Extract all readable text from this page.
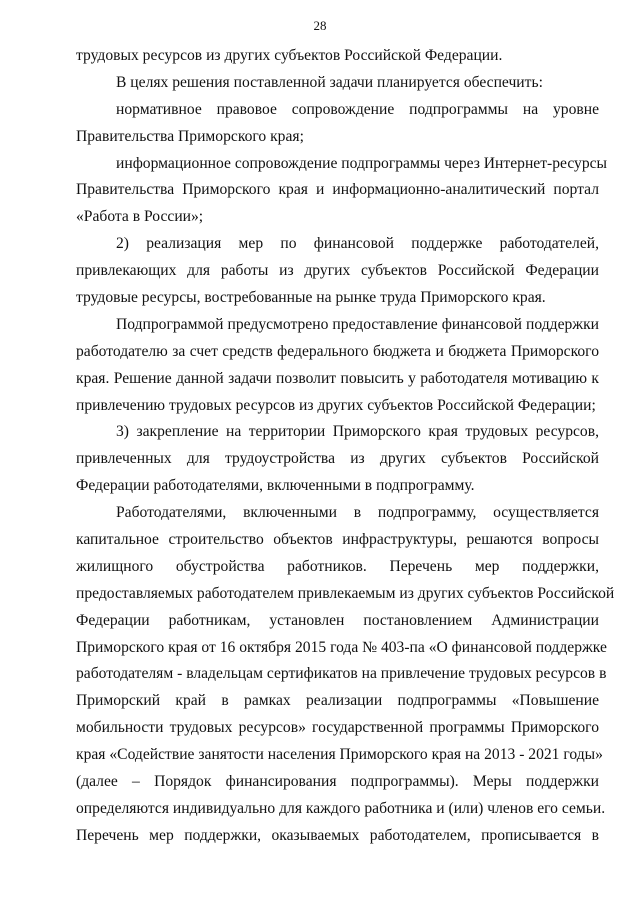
28
трудовых ресурсов из других субъектов Российской Федерации.
В целях решения поставленной задачи планируется обеспечить:
нормативное правовое сопровождение подпрограммы на уровне
Правительства Приморского края;
информационное сопровождение подпрограммы через Интернет-ресурсы
Правительства Приморского края и информационно-аналитический портал
«Работа в России»;
2) реализация мер по финансовой поддержке работодателей,
привлекающих для работы из других субъектов Российской Федерации
трудовые ресурсы, востребованные на рынке труда Приморского края.
Подпрограммой предусмотрено предоставление финансовой поддержки
работодателю за счет средств федерального бюджета и бюджета Приморского
края. Решение данной задачи позволит повысить у работодателя мотивацию к
привлечению трудовых ресурсов из других субъектов Российской Федерации;
3) закрепление на территории Приморского края трудовых ресурсов,
привлеченных для трудоустройства из других субъектов Российской
Федерации работодателями, включенными в подпрограмму.
Работодателями, включенными в подпрограмму, осуществляется
капитальное строительство объектов инфраструктуры, решаются вопросы
жилищного обустройства работников. Перечень мер поддержки,
предоставляемых работодателем привлекаемым из других субъектов Российской
Федерации работникам, установлен постановлением Администрации
Приморского края от 16 октября 2015 года № 403-па «О финансовой поддержке
работодателям - владельцам сертификатов на привлечение трудовых ресурсов в
Приморский край в рамках реализации подпрограммы «Повышение
мобильности трудовых ресурсов» государственной программы Приморского
края «Содействие занятости населения Приморского края на 2013 - 2021 годы»
(далее – Порядок финансирования подпрограммы). Меры поддержки
определяются индивидуально для каждого работника и (или) членов его семьи.
Перечень мер поддержки, оказываемых работодателем, прописывается в
